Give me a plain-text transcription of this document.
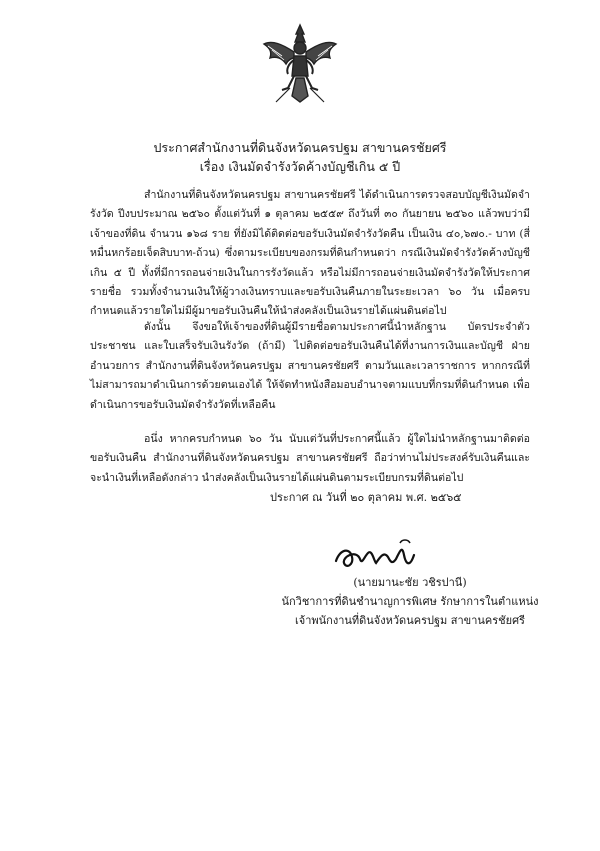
ประกาศสำนักงานที่ดินจังหวัดนครปฐม สาขานครชัยศรี
เรื่อง เงินมัดจำรังวัดค้างบัญชีเกิน ๕ ปี
สำนักงานที่ดินจังหวัดนครปฐม สาขานครชัยศรี ได้ดำเนินการตรวจสอบบัญชีเงินมัดจำรังวัด ปีงบประมาณ ๒๕๖๐ ตั้งแต่วันที่ ๑ ตุลาคม ๒๕๕๙ ถึงวันที่ ๓๐ กันยายน ๒๕๖๐ แล้วพบว่ามีเจ้าของที่ดิน จำนวน ๑๖๘ ราย ที่ยังมิได้ติดต่อขอรับเงินมัดจำรังวัดคืน เป็นเงิน ๔๐,๖๗๐.- บาท (สี่หมื่นหกร้อยเจ็ดสิบบาท-ถ้วน) ซึ่งตามระเบียบของกรมที่ดินกำหนดว่า กรณีเงินมัดจำรังวัดค้างบัญชีเกิน ๕ ปี ทั้งที่มีการถอนจ่ายเงินในการรังวัดแล้ว หรือไม่มีการถอนจ่ายเงินมัดจำรังวัดให้ประกาศรายชื่อ รวมทั้งจำนวนเงินให้ผู้วางเงินทราบและขอรับเงินคืนภายในระยะเวลา ๖๐ วัน เมื่อครบกำหนดแล้วรายใดไม่มีผู้มาขอรับเงินคืนให้นำส่งคลังเป็นเงินรายได้แผ่นดินต่อไป
ดังนั้น จึงขอให้เจ้าของที่ดินผู้มีรายชื่อตามประกาศนี้นำหลักฐาน บัตรประจำตัวประชาชน และใบเสร็จรับเงินรังวัด (ถ้ามี) ไปติดต่อขอรับเงินคืนได้ที่งานการเงินและบัญชี ฝ่ายอำนวยการ สำนักงานที่ดินจังหวัดนครปฐม สาขานครชัยศรี ตามวันและเวลาราชการ หากกรณีที่ไม่สามารถมาดำเนินการด้วยตนเองได้ ให้จัดทำหนังสือมอบอำนาจตามแบบที่กรมที่ดินกำหนด เพื่อดำเนินการขอรับเงินมัดจำรังวัดที่เหลือคืน
อนึ่ง หากครบกำหนด ๖๐ วัน นับแต่วันที่ประกาศนี้แล้ว ผู้ใดไม่นำหลักฐานมาติดต่อขอรับเงินคืน สำนักงานที่ดินจังหวัดนครปฐม สาขานครชัยศรี ถือว่าท่านไม่ประสงค์รับเงินคืนและจะนำเงินที่เหลือดังกล่าว นำส่งคลังเป็นเงินรายได้แผ่นดินตามระเบียบกรมที่ดินต่อไป
ประกาศ ณ วันที่ ๒๐ ตุลาคม พ.ศ. ๒๕๖๕
(นายมานะชัย วชิรปานี)
นักวิชาการที่ดินชำนาญการพิเศษ รักษาการในตำแหน่ง
เจ้าพนักงานที่ดินจังหวัดนครปฐม สาขานครชัยศรี
